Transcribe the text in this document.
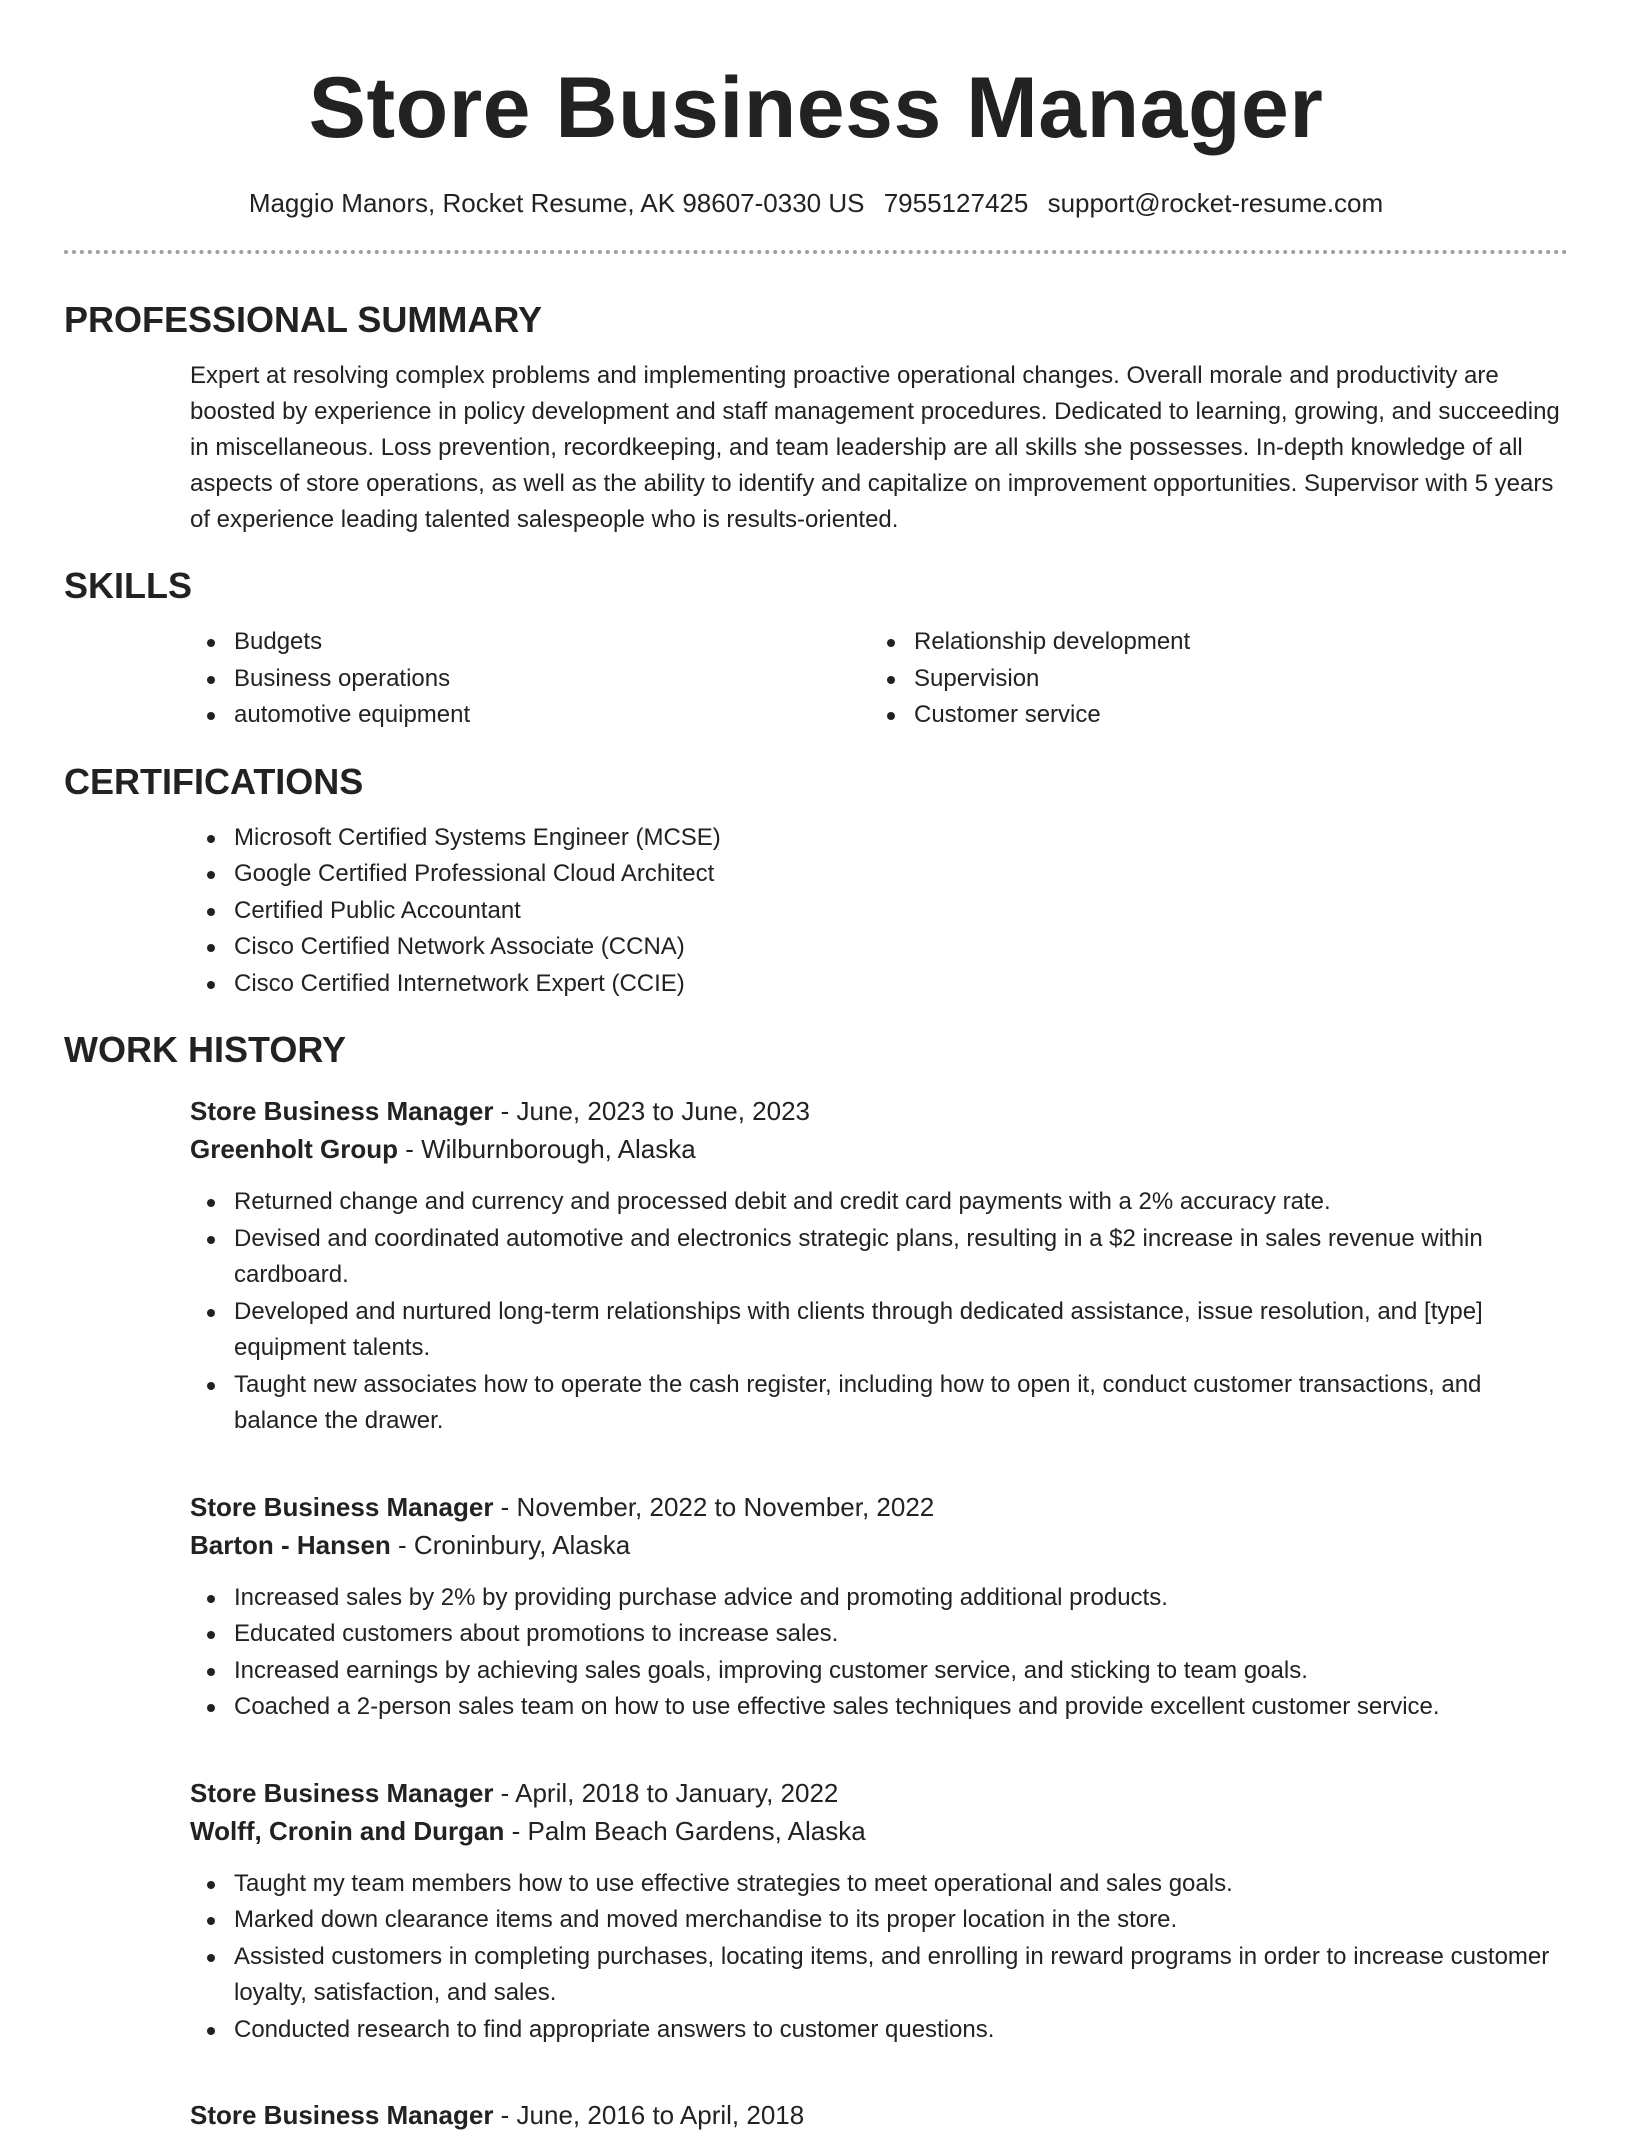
Store Business Manager
Maggio Manors, Rocket Resume, AK 98607-0330 US 7955127425 support@rocket-resume.com
PROFESSIONAL SUMMARY

Expert at resolving complex problems and implementing proactive operational changes. Overall morale and productivity are boosted by experience in policy development and staff management procedures. Dedicated to learning, growing, and succeeding in miscellaneous. Loss prevention, recordkeeping, and team leadership are all skills she possesses. In-depth knowledge of all aspects of store operations, as well as the ability to identify and capitalize on improvement opportunities. Supervisor with 5 years of experience leading talented salespeople who is results-oriented.

SKILLS
Budgets
Business operations
automotive equipment
Relationship development
Supervision
Customer service
CERTIFICATIONS
Microsoft Certified Systems Engineer (MCSE)
Google Certified Professional Cloud Architect
Certified Public Accountant
Cisco Certified Network Associate (CCNA)
Cisco Certified Internetwork Expert (CCIE)
WORK HISTORY
Store Business Manager - June, 2023 to June, 2023
Greenholt Group - Wilburnborough, Alaska
Returned change and currency and processed debit and credit card payments with a 2% accuracy rate.
Devised and coordinated automotive and electronics strategic plans, resulting in a $2 increase in sales revenue within cardboard.
Developed and nurtured long-term relationships with clients through dedicated assistance, issue resolution, and [type] equipment talents.
Taught new associates how to operate the cash register, including how to open it, conduct customer transactions, and balance the drawer.
Store Business Manager - November, 2022 to November, 2022
Barton - Hansen - Croninbury, Alaska
Increased sales by 2% by providing purchase advice and promoting additional products.
Educated customers about promotions to increase sales.
Increased earnings by achieving sales goals, improving customer service, and sticking to team goals.
Coached a 2-person sales team on how to use effective sales techniques and provide excellent customer service.
Store Business Manager - April, 2018 to January, 2022
Wolff, Cronin and Durgan - Palm Beach Gardens, Alaska
Taught my team members how to use effective strategies to meet operational and sales goals.
Marked down clearance items and moved merchandise to its proper location in the store.
Assisted customers in completing purchases, locating items, and enrolling in reward programs in order to increase customer loyalty, satisfaction, and sales.
Conducted research to find appropriate answers to customer questions.
Store Business Manager - June, 2016 to April, 2018
